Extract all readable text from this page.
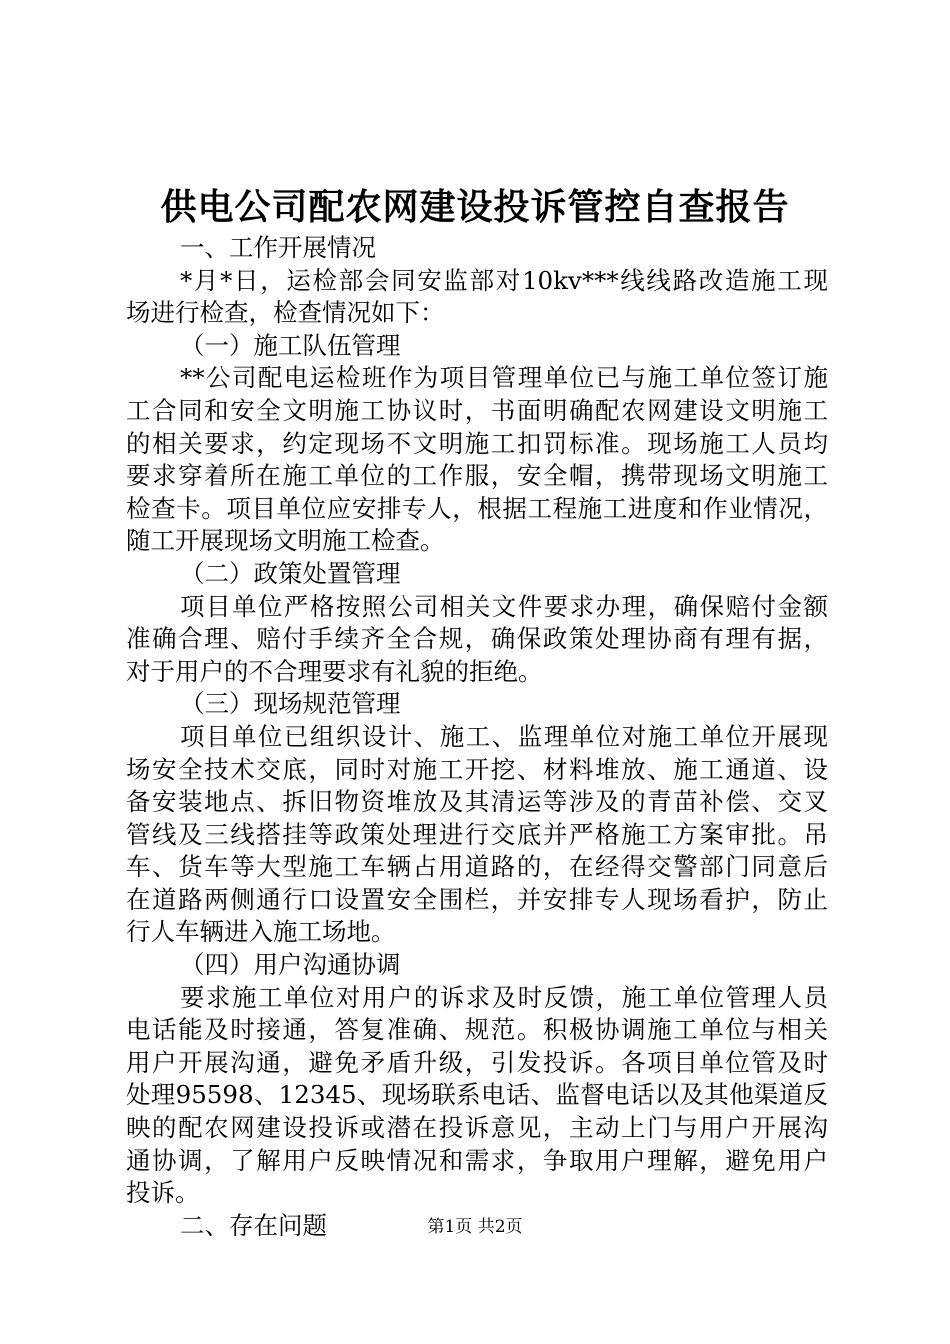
供电公司配农网建设投诉管控自查报告
一、工作开展情况
*月*日，运检部会同安监部对10kv***线线路改造施工现
场进行检查，检查情况如下：
（一）施工队伍管理
**公司配电运检班作为项目管理单位已与施工单位签订施
工合同和安全文明施工协议时，书面明确配农网建设文明施工
的相关要求，约定现场不文明施工扣罚标准。现场施工人员均
要求穿着所在施工单位的工作服，安全帽，携带现场文明施工
检查卡。项目单位应安排专人，根据工程施工进度和作业情况，
随工开展现场文明施工检查。
（二）政策处置管理
项目单位严格按照公司相关文件要求办理，确保赔付金额
准确合理、赔付手续齐全合规，确保政策处理协商有理有据，
对于用户的不合理要求有礼貌的拒绝。
（三）现场规范管理
项目单位已组织设计、施工、监理单位对施工单位开展现
场安全技术交底，同时对施工开挖、材料堆放、施工通道、设
备安装地点、拆旧物资堆放及其清运等涉及的青苗补偿、交叉
管线及三线搭挂等政策处理进行交底并严格施工方案审批。吊
车、货车等大型施工车辆占用道路的，在经得交警部门同意后
在道路两侧通行口设置安全围栏，并安排专人现场看护，防止
行人车辆进入施工场地。
（四）用户沟通协调
要求施工单位对用户的诉求及时反馈，施工单位管理人员
电话能及时接通，答复准确、规范。积极协调施工单位与相关
用户开展沟通，避免矛盾升级，引发投诉。各项目单位管及时
处理95598、12345、现场联系电话、监督电话以及其他渠道反
映的配农网建设投诉或潜在投诉意见，主动上门与用户开展沟
通协调，了解用户反映情况和需求，争取用户理解，避免用户
投诉。
二、存在问题	第1页 共2页
